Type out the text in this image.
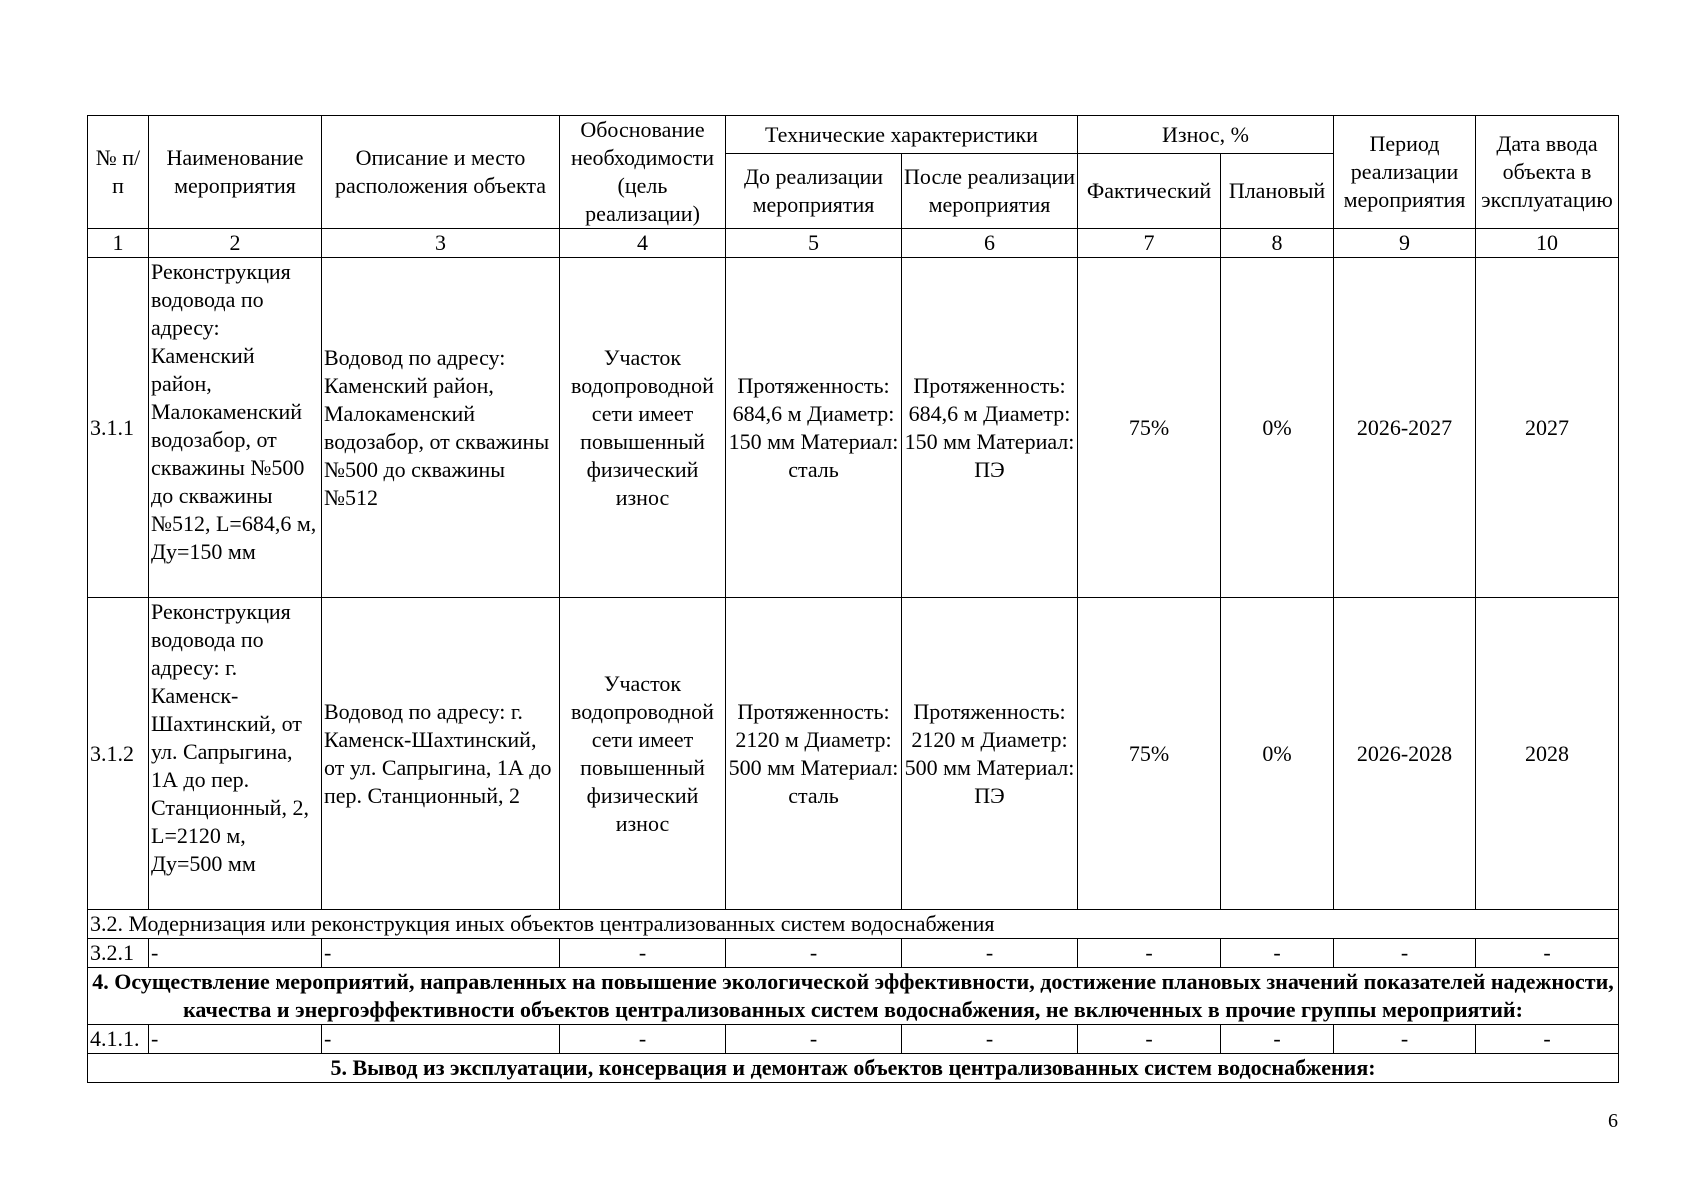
№ п/п	Наименование мероприятия	Описание и место расположения объекта	Обоснование необходимости (цель реализации)	Технические характеристики		Износ, %		Период реализации мероприятия	Дата ввода объекта в эксплуатацию
				До реализации мероприятия	После реализации мероприятия	Фактический	Плановый		
1	2	3	4	5	6	7	8	9	10
3.1.1	Реконструкция водовода по адресу: Каменский район, Малокаменский водозабор, от скважины №500 до скважины №512, L=684,6 м, Ду=150 мм	Водовод по адресу: Каменский район, Малокаменский водозабор, от скважины №500 до скважины №512	Участок водопроводной сети имеет повышенный физический износ	Протяженность: 684,6 м Диаметр: 150 мм Материал: сталь	Протяженность: 684,6 м Диаметр: 150 мм Материал: ПЭ	75%	0%	2026-2027	2027
3.1.2	Реконструкция водовода по адресу: г. Каменск-Шахтинский, от ул. Сапрыгина, 1А до пер. Станционный, 2, L=2120 м, Ду=500 мм	Водовод по адресу: г. Каменск-Шахтинский, от ул. Сапрыгина, 1А до пер. Станционный, 2	Участок водопроводной сети имеет повышенный физический износ	Протяженность: 2120 м Диаметр: 500 мм Материал: сталь	Протяженность: 2120 м Диаметр: 500 мм Материал: ПЭ	75%	0%	2026-2028	2028
3.2. Модернизация или реконструкция иных объектов централизованных систем водоснабжения									
3.2.1	-	-	-	-	-	-	-	-	-
4. Осуществление мероприятий, направленных на повышение экологической эффективности, достижение плановых значений показателей надежности, качества и энергоэффективности объектов централизованных систем водоснабжения, не включенных в прочие группы мероприятий:									
4.1.1.	-	-	-	-	-	-	-	-	-
5. Вывод из эксплуатации, консервация и демонтаж объектов централизованных систем водоснабжения:									
6
